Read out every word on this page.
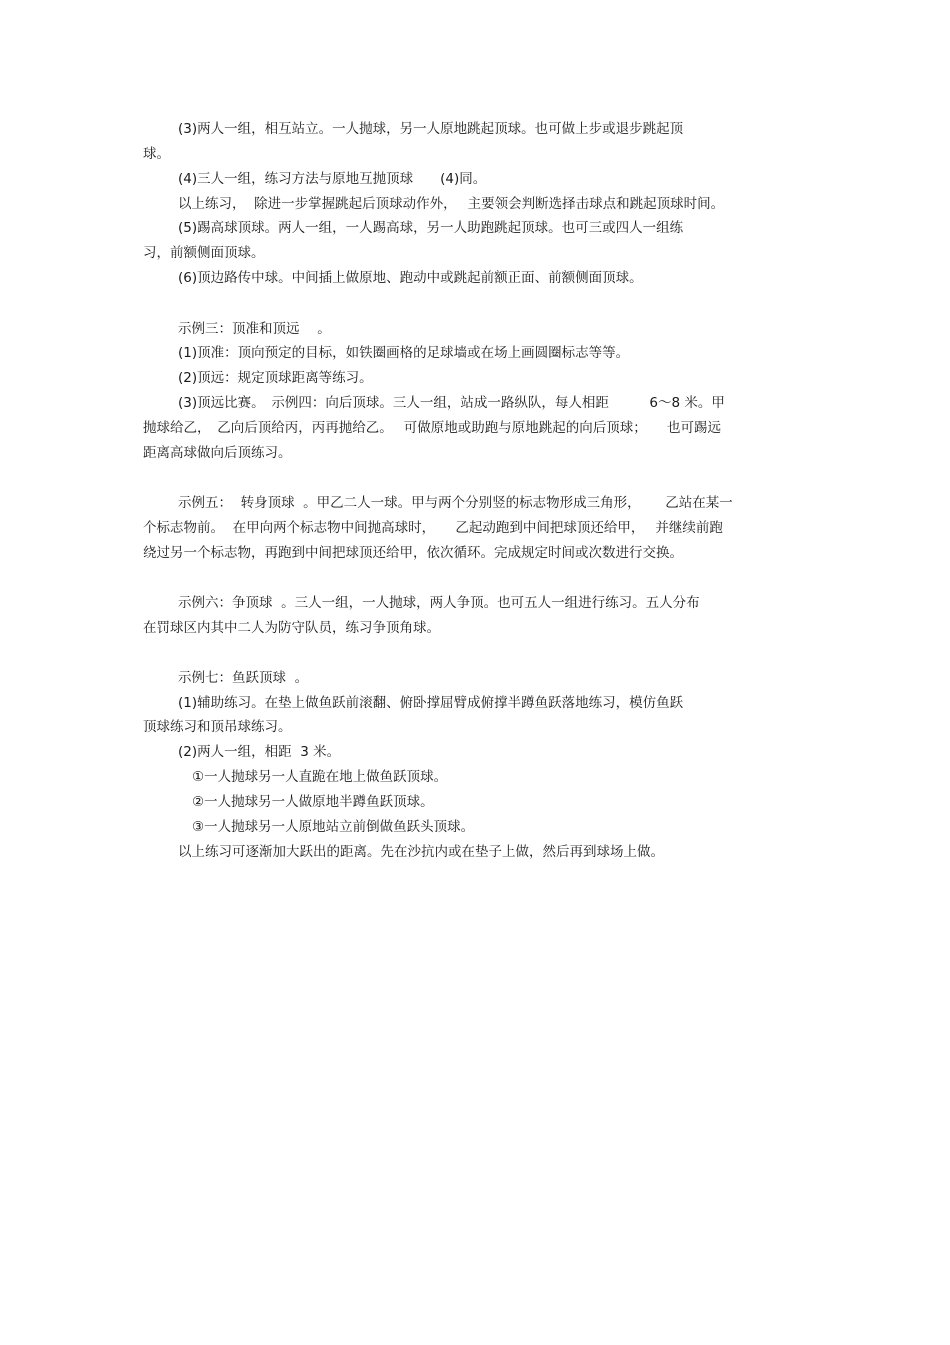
(3)两人一组，相互站立。一人抛球，另一人原地跳起顶球。也可做上步或退步跳起顶
球。
(4)三人一组，练习方法与原地互抛顶球　　(4)同。
以上练习，  除进一步掌握跳起后顶球动作外，　 主要领会判断选择击球点和跳起顶球时间。
(5)踢高球顶球。两人一组，一人踢高球，另一人助跑跳起顶球。也可三或四人一组练
习，前额侧面顶球。
(6)顶边路传中球。中间插上做原地、跑动中或跳起前额正面、前额侧面顶球。
示例三：顶准和顶远　 。
(1)顶准：顶向预定的目标，如铁圈画格的足球墙或在场上画圆圈标志等等。
(2)顶远：规定顶球距离等练习。
(3)顶远比赛。　示例四：向后顶球。三人一组，站成一路纵队，每人相距　　　6～8 米。甲
抛球给乙，　乙向后顶给丙，丙再抛给乙。　 可做原地或助跑与原地跳起的向后顶球；　　也可踢远
距离高球做向后顶练习。
示例五：  转身顶球  。甲乙二人一球。甲与两个分别竖的标志物形成三角形，　　 乙站在某一
个标志物前。  在甲向两个标志物中间抛高球时，　　乙起动跑到中间把球顶还给甲，　 并继续前跑
绕过另一个标志物，再跑到中间把球顶还给甲，依次循环。完成规定时间或次数进行交换。
示例六：争顶球  。三人一组，一人抛球，两人争顶。也可五人一组进行练习。五人分布
在罚球区内其中二人为防守队员，练习争顶角球。
示例七：鱼跃顶球  。
(1)辅助练习。在垫上做鱼跃前滚翻、俯卧撑屈臂成俯撑半蹲鱼跃落地练习，模仿鱼跃
顶球练习和顶吊球练习。
(2)两人一组，相距  3 米。
①一人抛球另一人直跪在地上做鱼跃顶球。
②一人抛球另一人做原地半蹲鱼跃顶球。
③一人抛球另一人原地站立前倒做鱼跃头顶球。
以上练习可逐渐加大跃出的距离。先在沙抗内或在垫子上做，然后再到球场上做。
